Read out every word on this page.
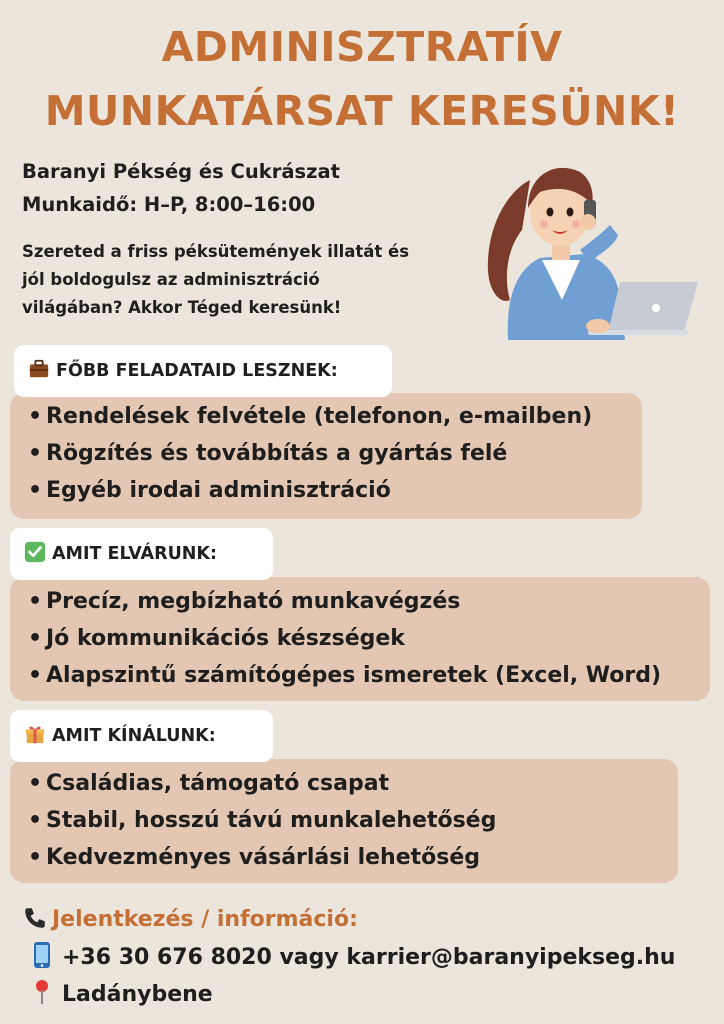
ADMINISZTRATÍV
MUNKATÁRSAT KERESÜNK!
Baranyi Pékség és Cukrászat
Munkaidő: H–P, 8:00–16:00
Szereted a friss péksütemények illatát és
jól boldogulsz az adminisztráció
világában? Akkor Téged keresünk!
• Rendelések felvétele (telefonon, e-mailben)
• Rögzítés és továbbítás a gyártás felé
• Egyéb irodai adminisztráció
FŐBB FELADATAID LESZNEK:
• Precíz, megbízható munkavégzés
• Jó kommunikációs készségek
• Alapszintű számítógépes ismeretek (Excel, Word)
AMIT ELVÁRUNK:
• Családias, támogató csapat
• Stabil, hosszú távú munkalehetőség
• Kedvezményes vásárlási lehetőség
AMIT KÍNÁLUNK:
Jelentkezés / információ:
+36 30 676 8020 vagy karrier@baranyipekseg.hu
Ladánybene
